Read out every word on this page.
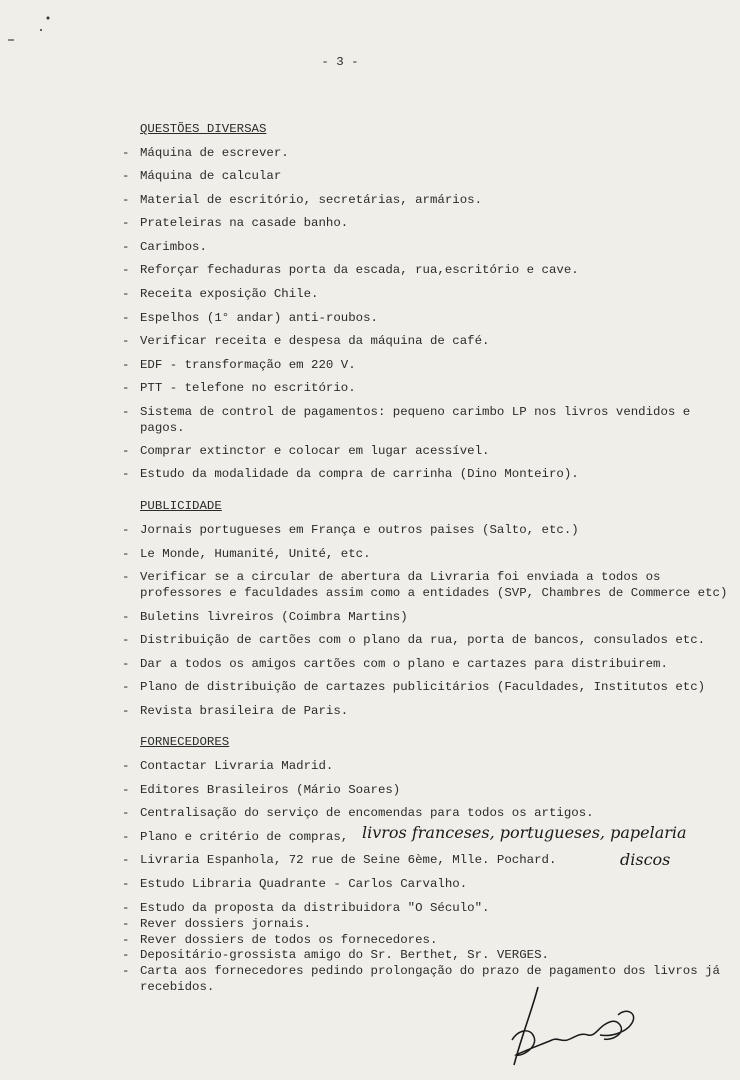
- 3 -
QUESTÕES DIVERSAS
- Máquina de escrever.
- Máquina de calcular
- Material de escritório, secretárias, armários.
- Prateleiras na casade banho.
- Carimbos.
- Reforçar fechaduras porta da escada, rua,escritório e cave.
- Receita exposição Chile.
- Espelhos (1° andar) anti-roubos.
- Verificar receita e despesa da máquina de café.
- EDF - transformação em 220 V.
- PTT - telefone no escritório.
- Sistema de control de pagamentos: pequeno carimbo LP nos livros vendidos e pagos.
- Comprar extinctor e colocar em lugar acessível.
- Estudo da modalidade da compra de carrinha (Dino Monteiro).
PUBLICIDADE
- Jornais portugueses em França e outros paises (Salto, etc.)
- Le Monde, Humanité, Unité, etc.
- Verificar se a circular de abertura da Livraria foi enviada a todos os professores e faculdades assim como a entidades (SVP, Chambres de Commerce etc)
- Buletins livreiros (Coimbra Martins)
- Distribuição de cartões com o plano da rua, porta de bancos, consulados etc.
- Dar a todos os amigos cartões com o plano e cartazes para distribuirem.
- Plano de distribuição de cartazes publicitários (Faculdades, Institutos etc)
- Revista brasileira de Paris.
FORNECEDORES
- Contactar Livraria Madrid.
- Editores Brasileiros (Mário Soares)
- Centralisação do serviço de encomendas para todos os artigos.
- Plano e critério de compras, livros franceses, portugueses, papelaria
- Livraria Espanhola, 72 rue de Seine 6ème, Mlle. Pochard.	discos
- Estudo Libraria Quadrante - Carlos Carvalho.
- Estudo da proposta da distribuidora "O Século".
- Rever dossiers jornais.
- Rever dossiers de todos os fornecedores.
- Depositário-grossista amigo do Sr. Berthet, Sr. VERGES.
- Carta aos fornecedores pedindo prolongação do prazo de pagamento dos livros já recebidos.
